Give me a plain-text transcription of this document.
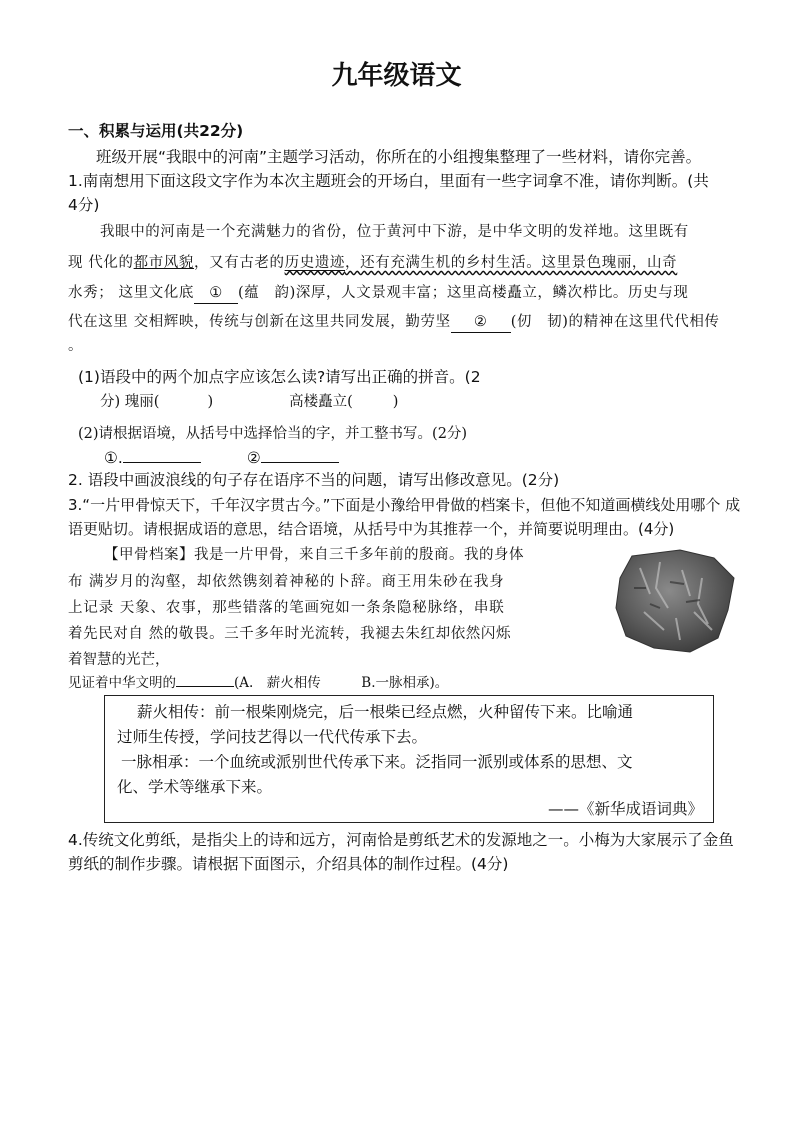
九年级语文
一、积累与运用(共22分)
班级开展“我眼中的河南”主题学习活动，你所在的小组搜集整理了一些材料，请你完善。
1.南南想用下面这段文字作为本次主题班会的开场白，里面有一些字词拿不准，请你判断。(共
4分)
我眼中的河南是一个充满魅力的省份，位于黄河中下游，是中华文明的发祥地。这里既有
现 代化的都市风貌，又有古老的历史遗迹，还有充满生机的乡村生活。这里景色瑰丽，山奇
水秀； 这里文化底 ① (蕴　韵)深厚，人文景观丰富；这里高楼矗立，鳞次栉比。历史与现
代在这里 交相辉映，传统与创新在这里共同发展，勤劳坚 ② (仞　韧)的精神在这里代代相传
。
(1)语段中的两个加点字应该怎么读?请写出正确的拼音。(2
分) 瑰丽(	)	高楼矗立(	)
(2)请根据语境，从括号中选择恰当的字，并工整书写。(2分)
①.	②
2. 语段中画波浪线的句子存在语序不当的问题，请写出修改意见。(2分)
3.“一片甲骨惊天下，千年汉字贯古今。”下面是小豫给甲骨做的档案卡，但他不知道画横线处用哪个 成
语更贴切。请根据成语的意思，结合语境，从括号中为其推荐一个，并简要说明理由。(4分)
【甲骨档案】我是一片甲骨，来自三千多年前的殷商。我的身体
布 满岁月的沟壑，却依然镌刻着神秘的卜辞。商王用朱砂在我身
上记录 天象、农事，那些错落的笔画宛如一条条隐秘脉络，串联
着先民对自 然的敬畏。三千多年时光流转，我褪去朱红却依然闪烁
着智慧的光芒，
见证着中华文明的	(A.　薪火相传　　　B.一脉相承)。
薪火相传：前一根柴刚烧完，后一根柴已经点燃，火种留传下来。比喻通
过师生传授，学问技艺得以一代代传承下去。
一脉相承：一个血统或派别世代传承下来。泛指同一派别或体系的思想、文
化、学术等继承下来。
——《新华成语词典》
4.传统文化剪纸，是指尖上的诗和远方，河南恰是剪纸艺术的发源地之一。小梅为大家展示了金鱼
剪纸的制作步骤。请根据下面图示，介绍具体的制作过程。(4分)
